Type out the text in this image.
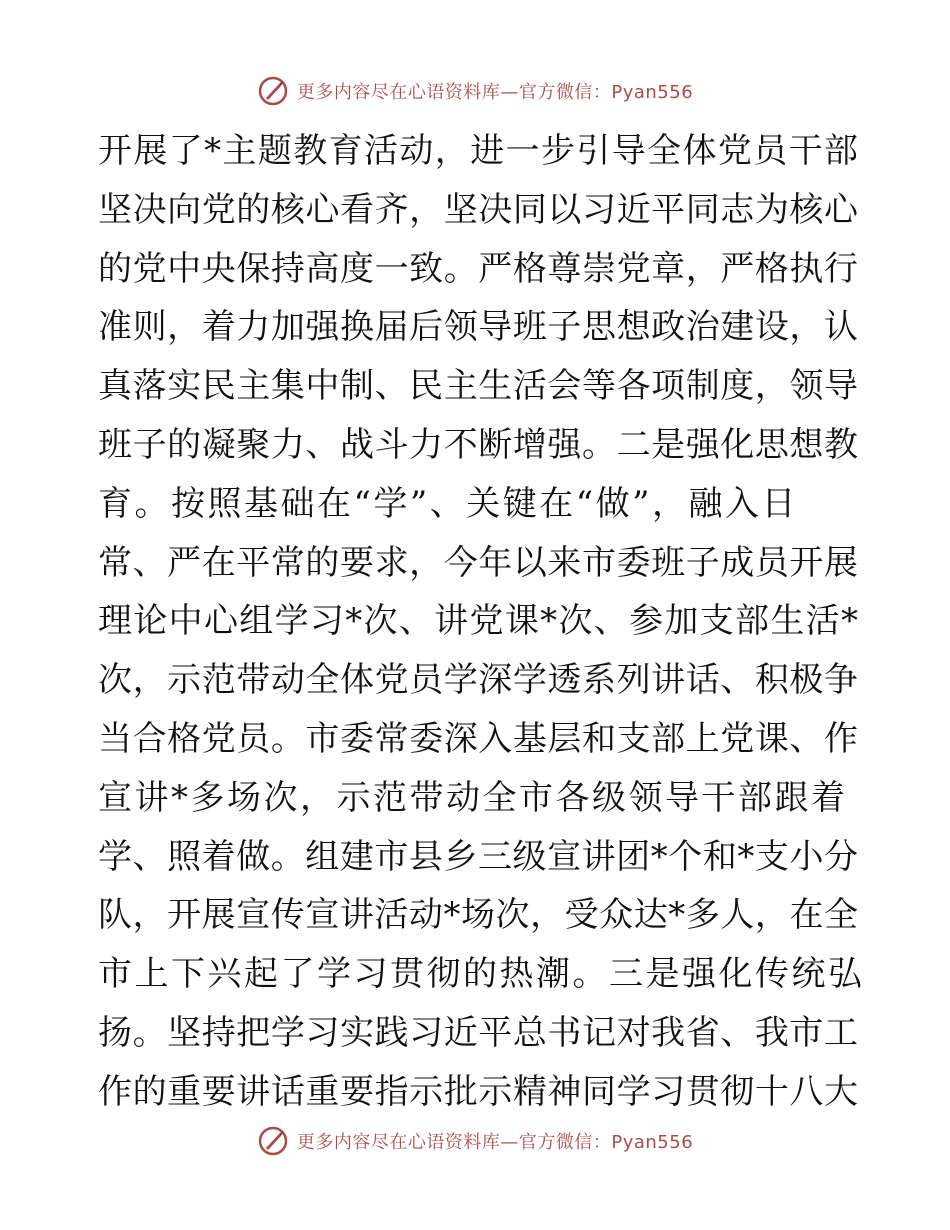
更多内容尽在心语资料库—官方微信：Pyan556
开展了*主题教育活动，进一步引导全体党员干部
坚决向党的核心看齐，坚决同以习近平同志为核心
的党中央保持高度一致。严格尊崇党章，严格执行
准则，着力加强换届后领导班子思想政治建设，认
真落实民主集中制、民主生活会等各项制度，领导
班子的凝聚力、战斗力不断增强。二是强化思想教
育。按照基础在“学”、关键在“做”，融入日
常、严在平常的要求，今年以来市委班子成员开展
理论中心组学习*次、讲党课*次、参加支部生活*
次，示范带动全体党员学深学透系列讲话、积极争
当合格党员。市委常委深入基层和支部上党课、作
宣讲*多场次，示范带动全市各级领导干部跟着
学、照着做。组建市县乡三级宣讲团*个和*支小分
队，开展宣传宣讲活动*场次，受众达*多人，在全
市上下兴起了学习贯彻的热潮。三是强化传统弘
扬。坚持把学习实践习近平总书记对我省、我市工
作的重要讲话重要指示批示精神同学习贯彻十八大
更多内容尽在心语资料库—官方微信：Pyan556
